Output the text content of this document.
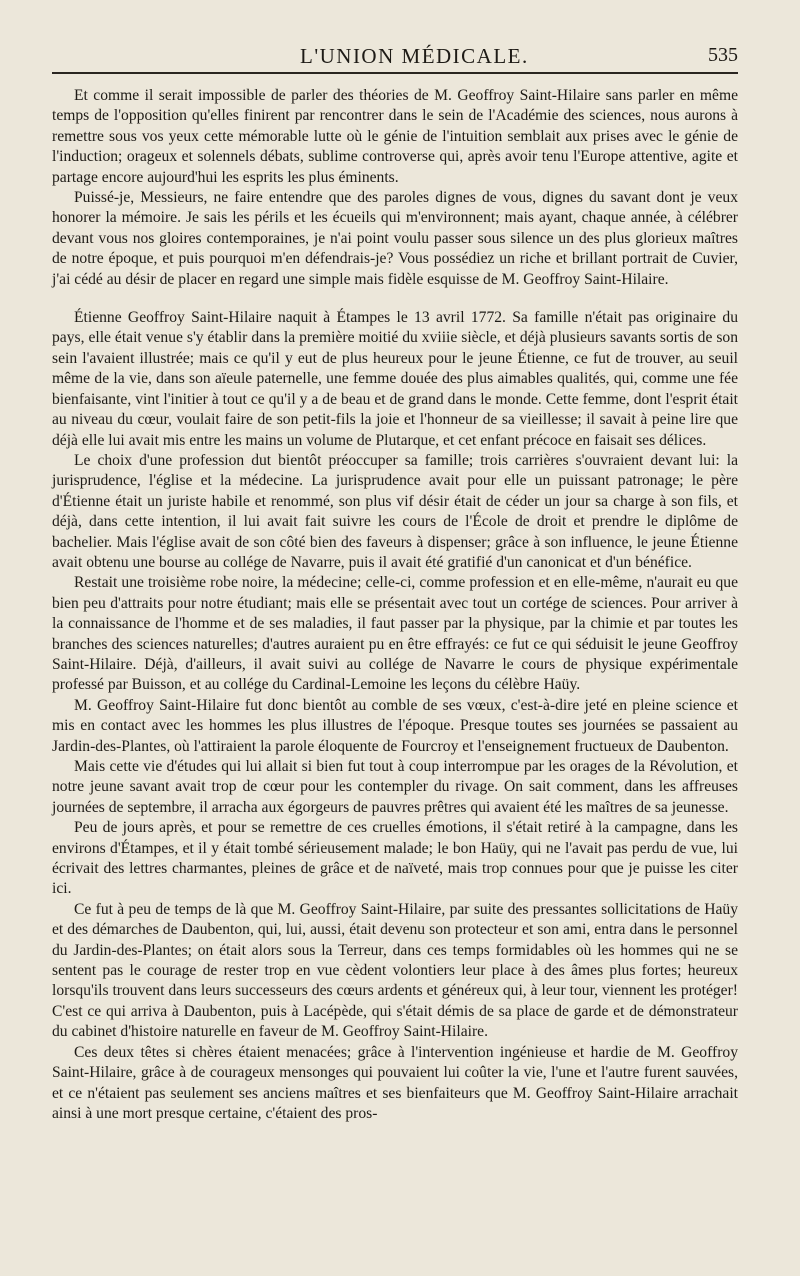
L'UNION MÉDICALE.	535

Et comme il serait impossible de parler des théories de M. Geoffroy Saint-Hilaire sans parler en même temps de l'opposition qu'elles finirent par rencontrer dans le sein de l'Académie des sciences, nous aurons à remettre sous vos yeux cette mémorable lutte où le génie de l'intuition semblait aux prises avec le génie de l'induction; orageux et solennels débats, sublime controverse qui, après avoir tenu l'Europe attentive, agite et partage encore aujourd'hui les esprits les plus éminents.

Puissé-je, Messieurs, ne faire entendre que des paroles dignes de vous, dignes du savant dont je veux honorer la mémoire. Je sais les périls et les écueils qui m'environnent; mais ayant, chaque année, à célébrer devant vous nos gloires contemporaines, je n'ai point voulu passer sous silence un des plus glorieux maîtres de notre époque, et puis pourquoi m'en défendrais-je? Vous possédiez un riche et brillant portrait de Cuvier, j'ai cédé au désir de placer en regard une simple mais fidèle esquisse de M. Geoffroy Saint-Hilaire.

Étienne Geoffroy Saint-Hilaire naquit à Étampes le 13 avril 1772. Sa famille n'était pas originaire du pays, elle était venue s'y établir dans la première moitié du xviiie siècle, et déjà plusieurs savants sortis de son sein l'avaient illustrée; mais ce qu'il y eut de plus heureux pour le jeune Étienne, ce fut de trouver, au seuil même de la vie, dans son aïeule paternelle, une femme douée des plus aimables qualités, qui, comme une fée bienfaisante, vint l'initier à tout ce qu'il y a de beau et de grand dans le monde. Cette femme, dont l'esprit était au niveau du cœur, voulait faire de son petit-fils la joie et l'honneur de sa vieillesse; il savait à peine lire que déjà elle lui avait mis entre les mains un volume de Plutarque, et cet enfant précoce en faisait ses délices.

Le choix d'une profession dut bientôt préoccuper sa famille; trois carrières s'ouvraient devant lui: la jurisprudence, l'église et la médecine. La jurisprudence avait pour elle un puissant patronage; le père d'Étienne était un juriste habile et renommé, son plus vif désir était de céder un jour sa charge à son fils, et déjà, dans cette intention, il lui avait fait suivre les cours de l'École de droit et prendre le diplôme de bachelier. Mais l'église avait de son côté bien des faveurs à dispenser; grâce à son influence, le jeune Étienne avait obtenu une bourse au collége de Navarre, puis il avait été gratifié d'un canonicat et d'un bénéfice.

Restait une troisième robe noire, la médecine; celle-ci, comme profession et en elle-même, n'aurait eu que bien peu d'attraits pour notre étudiant; mais elle se présentait avec tout un cortége de sciences. Pour arriver à la connaissance de l'homme et de ses maladies, il faut passer par la physique, par la chimie et par toutes les branches des sciences naturelles; d'autres auraient pu en être effrayés: ce fut ce qui séduisit le jeune Geoffroy Saint-Hilaire. Déjà, d'ailleurs, il avait suivi au collége de Navarre le cours de physique expérimentale professé par Buisson, et au collége du Cardinal-Lemoine les leçons du célèbre Haüy.

M. Geoffroy Saint-Hilaire fut donc bientôt au comble de ses vœux, c'est-à-dire jeté en pleine science et mis en contact avec les hommes les plus illustres de l'époque. Presque toutes ses journées se passaient au Jardin-des-Plantes, où l'attiraient la parole éloquente de Fourcroy et l'enseignement fructueux de Daubenton.

Mais cette vie d'études qui lui allait si bien fut tout à coup interrompue par les orages de la Révolution, et notre jeune savant avait trop de cœur pour les contempler du rivage. On sait comment, dans les affreuses journées de septembre, il arracha aux égorgeurs de pauvres prêtres qui avaient été les maîtres de sa jeunesse.

Peu de jours après, et pour se remettre de ces cruelles émotions, il s'était retiré à la campagne, dans les environs d'Étampes, et il y était tombé sérieusement malade; le bon Haüy, qui ne l'avait pas perdu de vue, lui écrivait des lettres charmantes, pleines de grâce et de naïveté, mais trop connues pour que je puisse les citer ici.

Ce fut à peu de temps de là que M. Geoffroy Saint-Hilaire, par suite des pressantes sollicitations de Haüy et des démarches de Daubenton, qui, lui, aussi, était devenu son protecteur et son ami, entra dans le personnel du Jardin-des-Plantes; on était alors sous la Terreur, dans ces temps formidables où les hommes qui ne se sentent pas le courage de rester trop en vue cèdent volontiers leur place à des âmes plus fortes; heureux lorsqu'ils trouvent dans leurs successeurs des cœurs ardents et généreux qui, à leur tour, viennent les protéger! C'est ce qui arriva à Daubenton, puis à Lacépède, qui s'était démis de sa place de garde et de démonstrateur du cabinet d'histoire naturelle en faveur de M. Geoffroy Saint-Hilaire.

Ces deux têtes si chères étaient menacées; grâce à l'intervention ingénieuse et hardie de M. Geoffroy Saint-Hilaire, grâce à de courageux mensonges qui pouvaient lui coûter la vie, l'une et l'autre furent sauvées, et ce n'étaient pas seulement ses anciens maîtres et ses bienfaiteurs que M. Geoffroy Saint-Hilaire arrachait ainsi à une mort presque certaine, c'étaient des pros-
